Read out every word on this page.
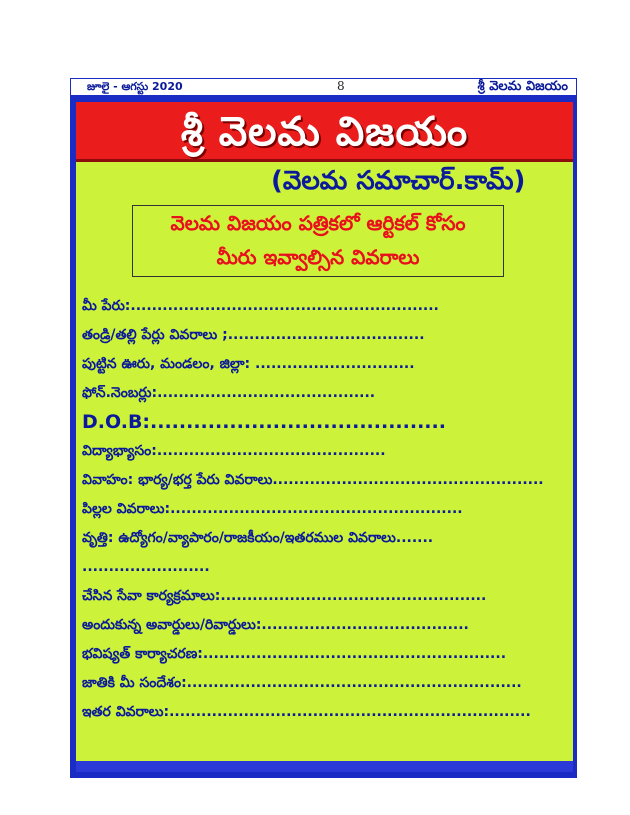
జూలై - ఆగస్టు 2020	8	శ్రీ వెలమ విజయం
శ్రీ వెలమ విజయం
(వెలమ సమాచార్.కామ్)
వెలమ విజయం పత్రికలో ఆర్టికల్ కోసం
మీరు ఇవ్వాల్సిన వివరాలు
మీ పేరు:..........................................................
తండ్రి/తల్లి పేర్లు వివరాలు ;.....................................
పుట్టిన ఊరు, మండలం, జిల్లా: ..............................
ఫోన్.నెంబర్లు:.........................................
D.O.B:.........................................
విద్యాభ్యాసం:...........................................
వివాహం: భార్య/భర్త పేరు వివరాలు...................................................
పిల్లల వివరాలు:.......................................................
వృత్తి: ఉద్యోగం/వ్యాపారం/రాజకీయం/ఇతరముల వివరాలు.......
........................
చేసిన సేవా కార్యక్రమాలు:..................................................
అందుకున్న అవార్డులు/రివార్డులు:.......................................
భవిష్యత్ కార్యాచరణ:.........................................................
జాతికి మీ సందేశం:...............................................................
ఇతర వివరాలు:....................................................................
